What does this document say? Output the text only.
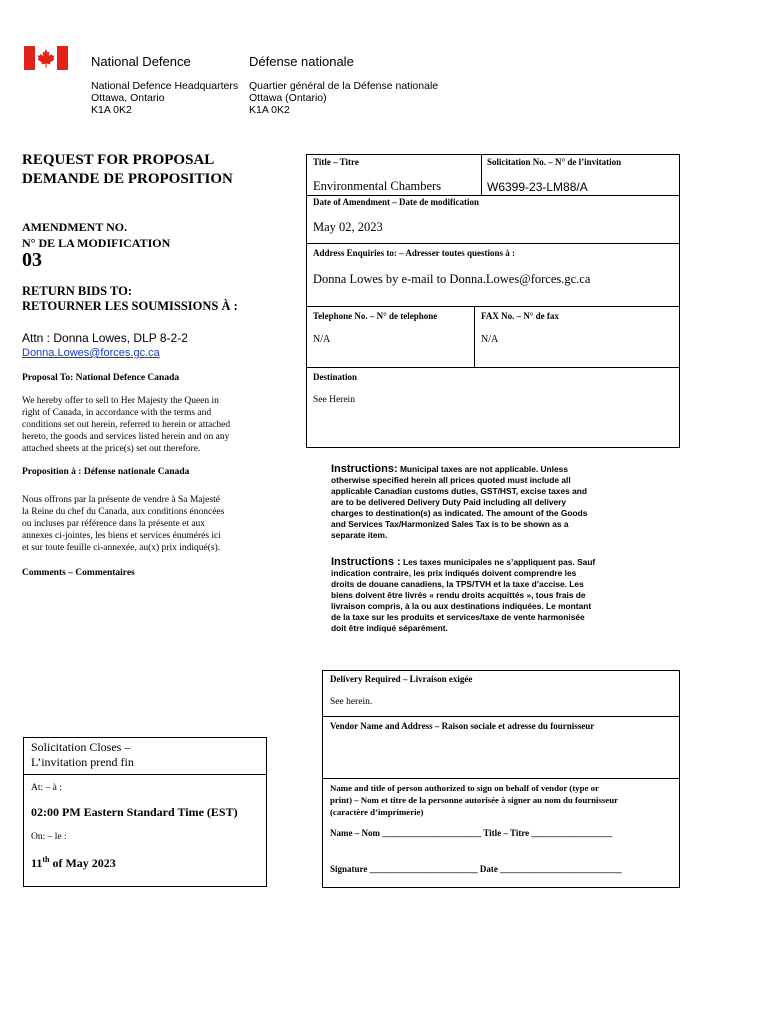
National Defence	Défense nationale
National Defence Headquarters
Ottawa, Ontario
K1A 0K2
Quartier général de la Défense nationale
Ottawa (Ontario)
K1A 0K2
REQUEST FOR PROPOSAL
DEMANDE DE PROPOSITION
AMENDMENT NO.
N° DE LA MODIFICATION
03
RETURN BIDS TO:
RETOURNER LES SOUMISSIONS À :
Attn : Donna Lowes, DLP 8-2-2
Donna.Lowes@forces.gc.ca
Proposal To: National Defence Canada
We hereby offer to sell to Her Majesty the Queen in
right of Canada, in accordance with the terms and
conditions set out herein, referred to herein or attached
hereto, the goods and services listed herein and on any
attached sheets at the price(s) set out therefore.
Proposition à : Défense nationale Canada
Nous offrons par la présente de vendre à Sa Majesté
la Reine du chef du Canada, aux conditions énoncées
ou incluses par référence dans la présente et aux
annexes ci-jointes, les biens et services énumérés ici
et sur toute feuille ci-annexée, au(x) prix indiqué(s).
Comments – Commentaires
Title – Titre
Environmental Chambers
Solicitation No. – N° de l’invitation
W6399-23-LM88/A
Date of Amendment – Date de modification
May 02, 2023
Address Enquiries to: – Adresser toutes questions à :
Donna Lowes by e-mail to Donna.Lowes@forces.gc.ca
Telephone No. – N° de telephone
N/A
FAX No. – N° de fax
N/A
Destination
See Herein
Instructions: Municipal taxes are not applicable. Unless
otherwise specified herein all prices quoted must include all
applicable Canadian customs duties, GST/HST, excise taxes and
are to be delivered Delivery Duty Paid including all delivery
charges to destination(s) as indicated. The amount of the Goods
and Services Tax/Harmonized Sales Tax is to be shown as a
separate item.
Instructions : Les taxes municipales ne s’appliquent pas. Sauf
indication contraire, les prix indiqués doivent comprendre les
droits de douane canadiens, la TPS/TVH et la taxe d’accise. Les
biens doivent être livrés « rendu droits acquittés », tous frais de
livraison compris, à la ou aux destinations indiquées. Le montant
de la taxe sur les produits et services/taxe de vente harmonisée
doit être indiqué séparément.
Solicitation Closes –
L’invitation prend fin
At: – à :
02:00 PM Eastern Standard Time (EST)
On: – le :
11th of May 2023
Delivery Required – Livraison exigée
See herein.
Vendor Name and Address – Raison sociale et adresse du fournisseur
Name and title of person authorized to sign on behalf of vendor (type or
print) – Nom et titre de la personne autorisée à signer au nom du fournisseur
(caractère d’imprimerie)
Name – Nom ______________________ Title – Titre __________________
Signature ________________________ Date ___________________________
